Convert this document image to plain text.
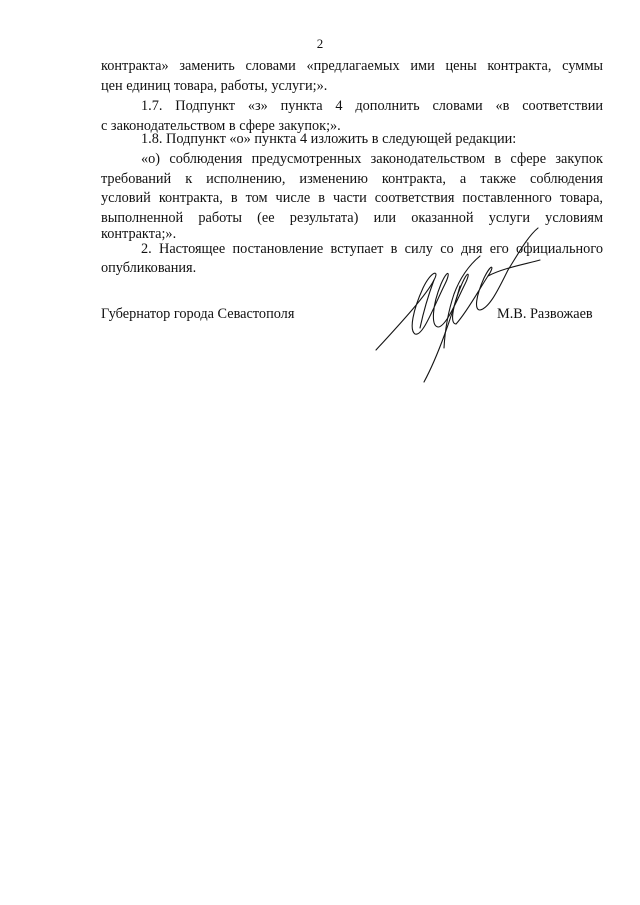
2
контракта» заменить словами «предлагаемых ими цены контракта, суммы
цен единиц товара, работы, услуги;».
1.7. Подпункт «з» пункта 4 дополнить словами «в соответствии
с законодательством в сфере закупок;».
1.8. Подпункт «о» пункта 4 изложить в следующей редакции:
«о) соблюдения предусмотренных законодательством в сфере закупок
требований к исполнению, изменению контракта, а также соблюдения
условий контракта, в том числе в части соответствия поставленного товара,
выполненной работы (ее результата) или оказанной услуги условиям
контракта;».
2. Настоящее постановление вступает в силу со дня его официального
опубликования.
Губернатор города Севастополя	М.В. Развожаев
